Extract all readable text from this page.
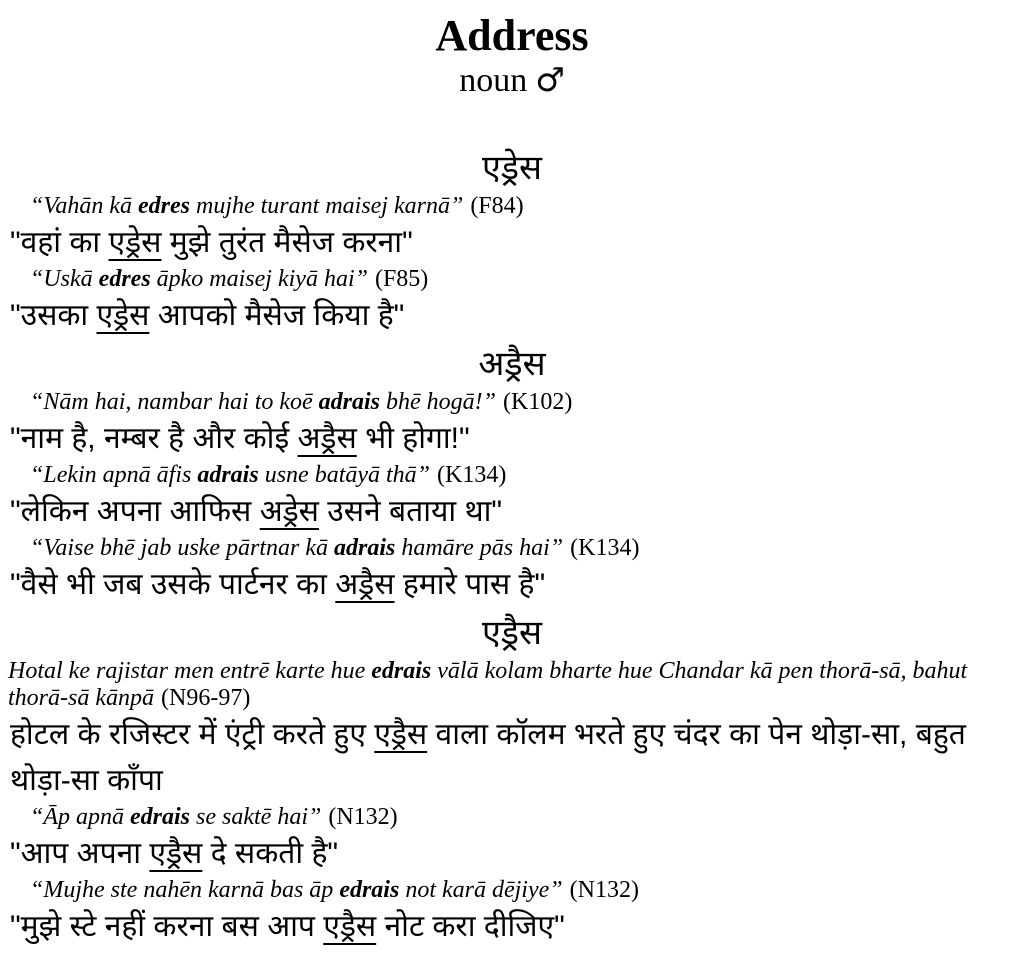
Address
noun ♂
एड्रेस
“Vahān kā edres mujhe turant maisej karnā” (F84)
"वहां का एड्रेस मुझे तुरंत मैसेज करना"
“Uskā edres āpko maisej kiyā hai” (F85)
"उसका एड्रेस आपको मैसेज किया है"
अड्रैस
“Nām hai, nambar hai to koē adrais bhē hogā!” (K102)
"नाम है, नम्बर है और कोई अड्रैस भी होगा!"
“Lekin apnā āfis adrais usne batāyā thā” (K134)
"लेकिन अपना आफिस अड्रेस उसने बताया था"
“Vaise bhē jab uske pārtnar kā adrais hamāre pās hai” (K134)
"वैसे भी जब उसके पार्टनर का अड्रैस हमारे पास है"
एड्रैस
Hotal ke rajistar men entrē karte hue edrais vālā kolam bharte hue Chandar kā pen thorā-sā, bahut thorā-sā kānpā (N96-97)
होटल के रजिस्टर में एंट्री करते हुए एड्रैस वाला कॉलम भरते हुए चंदर का पेन थोड़ा-सा, बहुत थोड़ा-सा काँपा
“Āp apnā edrais se saktē hai” (N132)
"आप अपना एड्रैस दे सकती है"
“Mujhe ste nahēn karnā bas āp edrais not karā dējiye” (N132)
"मुझे स्टे नहीं करना बस आप एड्रैस नोट करा दीजिए"
